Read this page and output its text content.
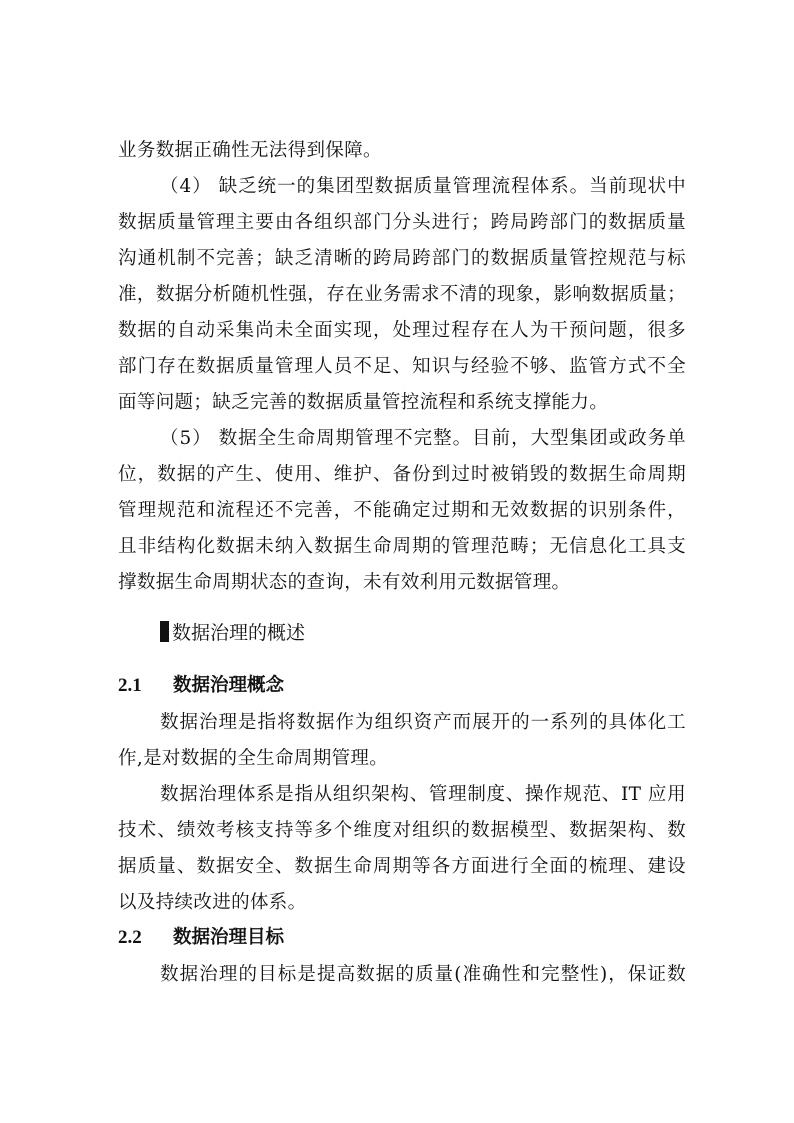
业务数据正确性无法得到保障。
（4） 缺乏统一的集团型数据质量管理流程体系。当前现状中
数据质量管理主要由各组织部门分头进行；跨局跨部门的数据质量
沟通机制不完善；缺乏清晰的跨局跨部门的数据质量管控规范与标
准，数据分析随机性强，存在业务需求不清的现象，影响数据质量；
数据的自动采集尚未全面实现，处理过程存在人为干预问题，很多
部门存在数据质量管理人员不足、知识与经验不够、监管方式不全
面等问题；缺乏完善的数据质量管控流程和系统支撑能力。
（5） 数据全生命周期管理不完整。目前，大型集团或政务单
位，数据的产生、使用、维护、备份到过时被销毁的数据生命周期
管理规范和流程还不完善，不能确定过期和无效数据的识别条件，
且非结构化数据未纳入数据生命周期的管理范畴；无信息化工具支
撑数据生命周期状态的查询，未有效利用元数据管理。
数据治理的概述
2.1 数据治理概念
数据治理是指将数据作为组织资产而展开的一系列的具体化工
作,是对数据的全生命周期管理。
数据治理体系是指从组织架构、管理制度、操作规范、IT 应用
技术、绩效考核支持等多个维度对组织的数据模型、数据架构、数
据质量、数据安全、数据生命周期等各方面进行全面的梳理、建设
以及持续改进的体系。
2.2 数据治理目标
数据治理的目标是提高数据的质量(准确性和完整性)，保证数
